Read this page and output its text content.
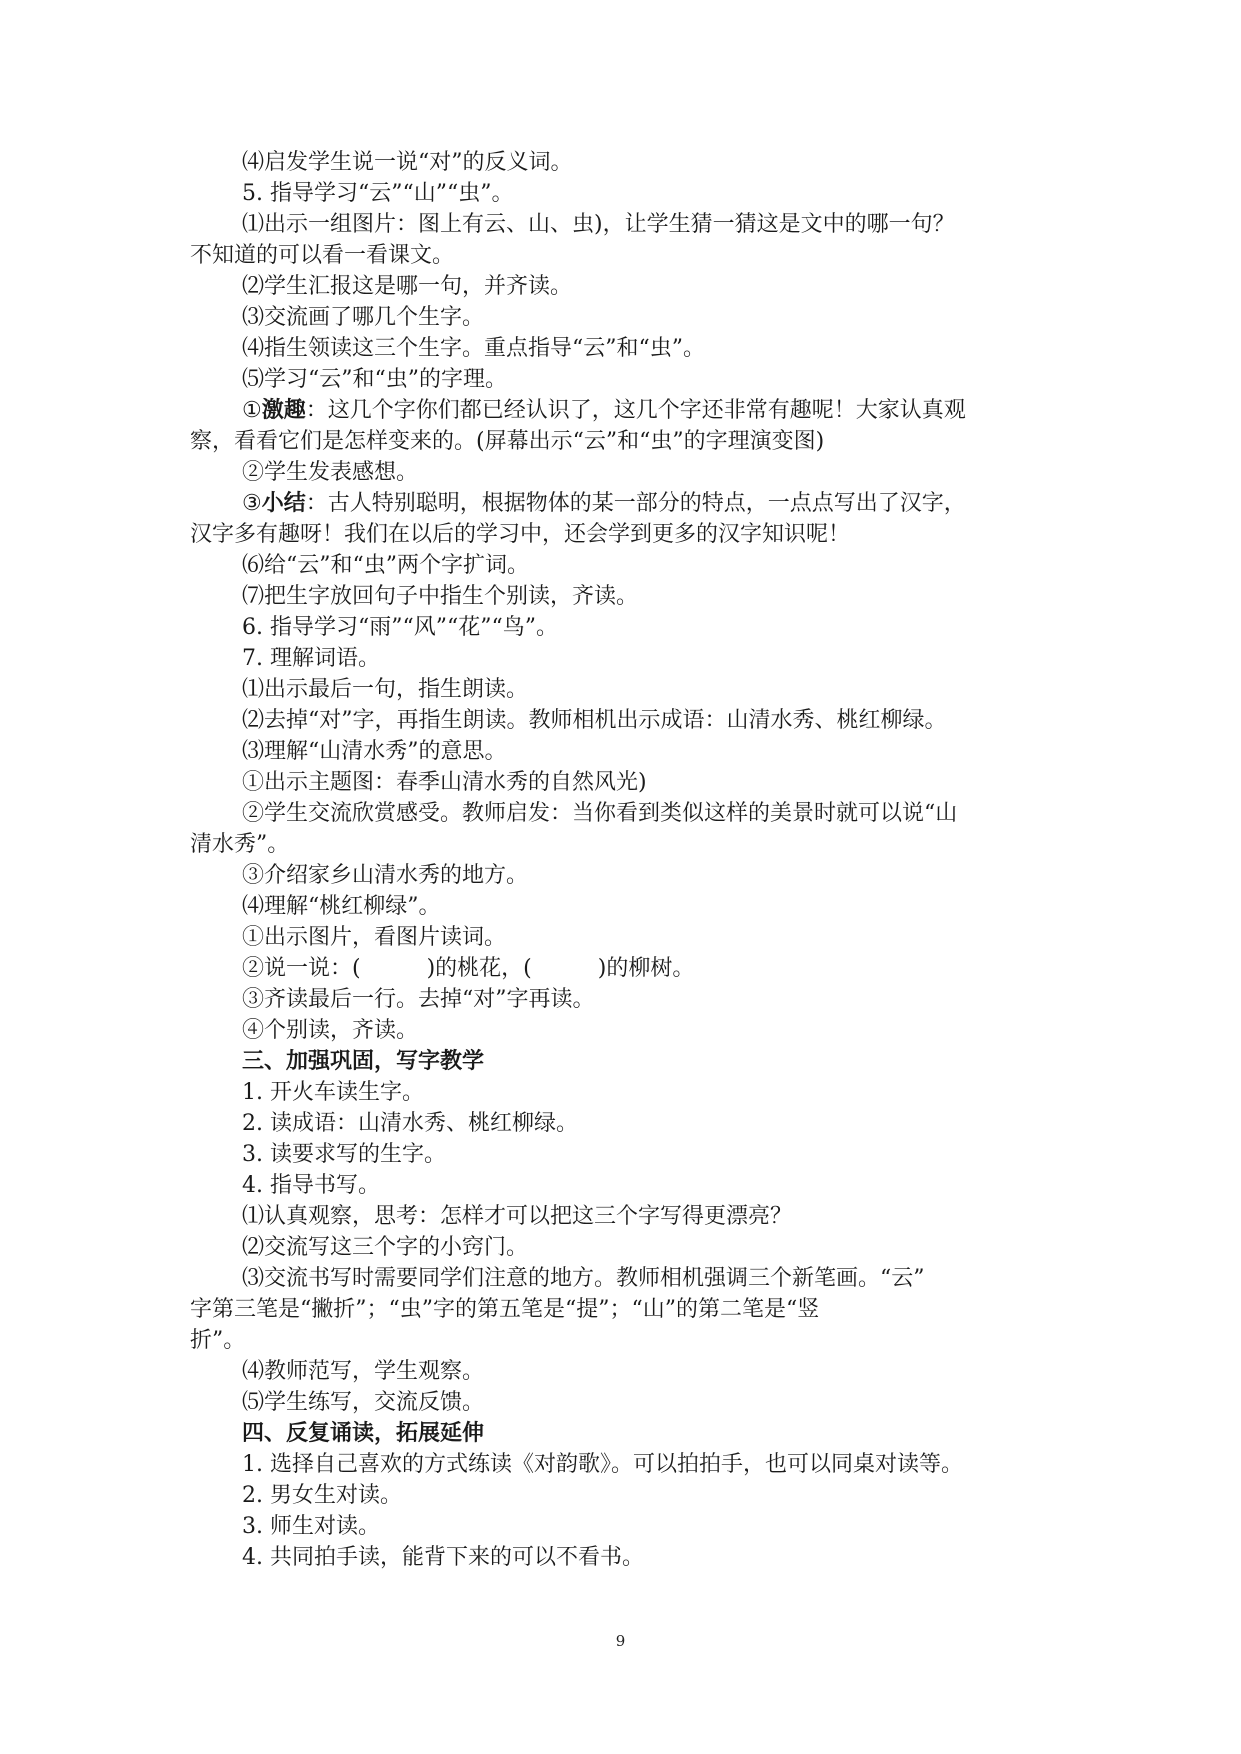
⑷启发学生说一说“对”的反义词。
5. 指导学习“云”“山”“虫”。
⑴出示一组图片：图上有云、山、虫)，让学生猜一猜这是文中的哪一句？
不知道的可以看一看课文。
⑵学生汇报这是哪一句，并齐读。
⑶交流画了哪几个生字。
⑷指生领读这三个生字。重点指导“云”和“虫”。
⑸学习“云”和“虫”的字理。
①激趣：这几个字你们都已经认识了，这几个字还非常有趣呢！大家认真观
察，看看它们是怎样变来的。(屏幕出示“云”和“虫”的字理演变图)
②学生发表感想。
③小结：古人特别聪明，根据物体的某一部分的特点，一点点写出了汉字，
汉字多有趣呀！我们在以后的学习中，还会学到更多的汉字知识呢！
⑹给“云”和“虫”两个字扩词。
⑺把生字放回句子中指生个别读，齐读。
6. 指导学习“雨”“风”“花”“鸟”。
7. 理解词语。
⑴出示最后一句，指生朗读。
⑵去掉“对”字，再指生朗读。教师相机出示成语：山清水秀、桃红柳绿。
⑶理解“山清水秀”的意思。
①出示主题图：春季山清水秀的自然风光)
②学生交流欣赏感受。教师启发：当你看到类似这样的美景时就可以说“山
清水秀”。
③介绍家乡山清水秀的地方。
⑷理解“桃红柳绿”。
①出示图片，看图片读词。
②说一说：(　　　)的桃花，(　　　)的柳树。
③齐读最后一行。去掉“对”字再读。
④个别读，齐读。
三、加强巩固，写字教学
1. 开火车读生字。
2. 读成语：山清水秀、桃红柳绿。
3. 读要求写的生字。
4. 指导书写。
⑴认真观察，思考：怎样才可以把这三个字写得更漂亮？
⑵交流写这三个字的小窍门。
⑶交流书写时需要同学们注意的地方。教师相机强调三个新笔画。“云”
字第三笔是“撇折”；“虫”字的第五笔是“提”；“山”的第二笔是“竖
折”。
⑷教师范写，学生观察。
⑸学生练写，交流反馈。
四、反复诵读，拓展延伸
1. 选择自己喜欢的方式练读《对韵歌》。可以拍拍手，也可以同桌对读等。
2. 男女生对读。
3. 师生对读。
4. 共同拍手读，能背下来的可以不看书。
9
